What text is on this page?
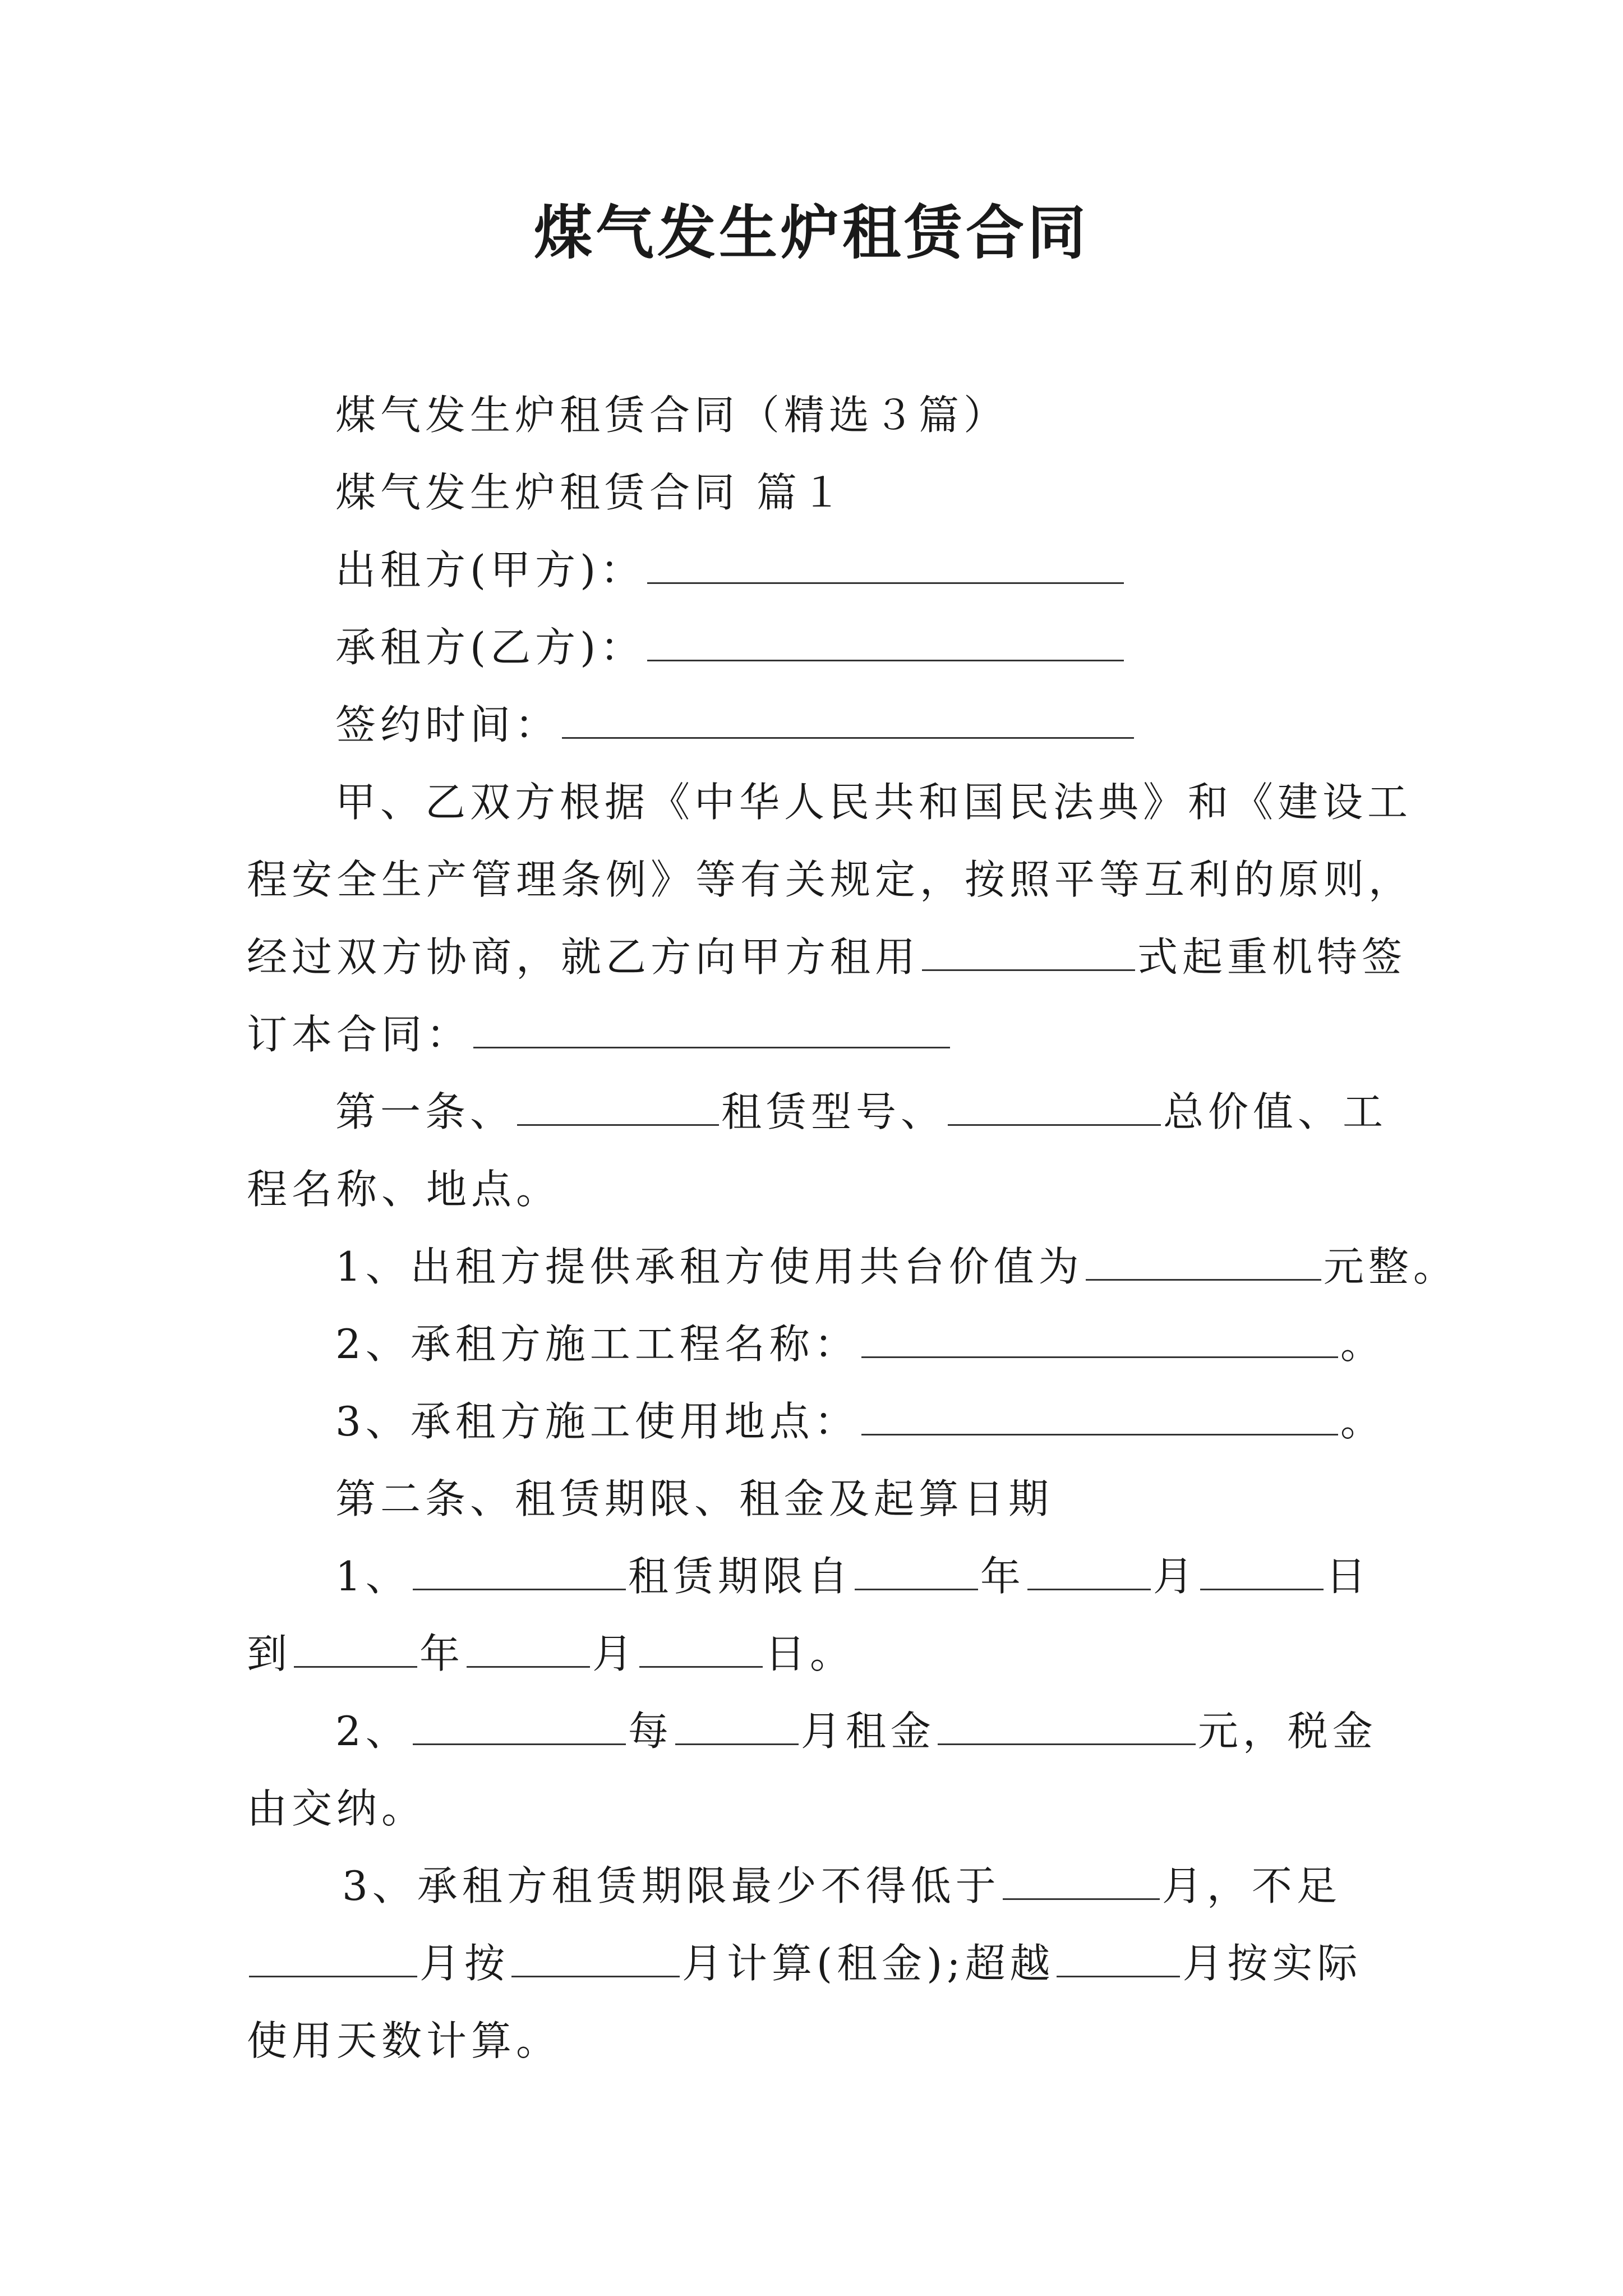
煤气发生炉租赁合同
煤气发生炉租赁合同（精选３篇）
煤气发生炉租赁合同 篇１
出租方(甲方)：
承租方(乙方)：
签约时间：
甲、乙双方根据《中华人民共和国民法典》和《建设工
程安全生产管理条例》等有关规定，按照平等互利的原则，
经过双方协商，就乙方向甲方租用	式起重机特签
订本合同：
第一条、	租赁型号、	总价值、工
程名称、地点。
1、出租方提供承租方使用共台价值为	元整。
2、承租方施工工程名称：	。
3、承租方施工使用地点：	。
第二条、租赁期限、租金及起算日期
1、	租赁期限自	年	月	日
到	年	月	日。
2、	每	月租金	元，税金
由交纳。
3、承租方租赁期限最少不得低于	月，不足
月按	月计算(租金);超越	月按实际
使用天数计算。
